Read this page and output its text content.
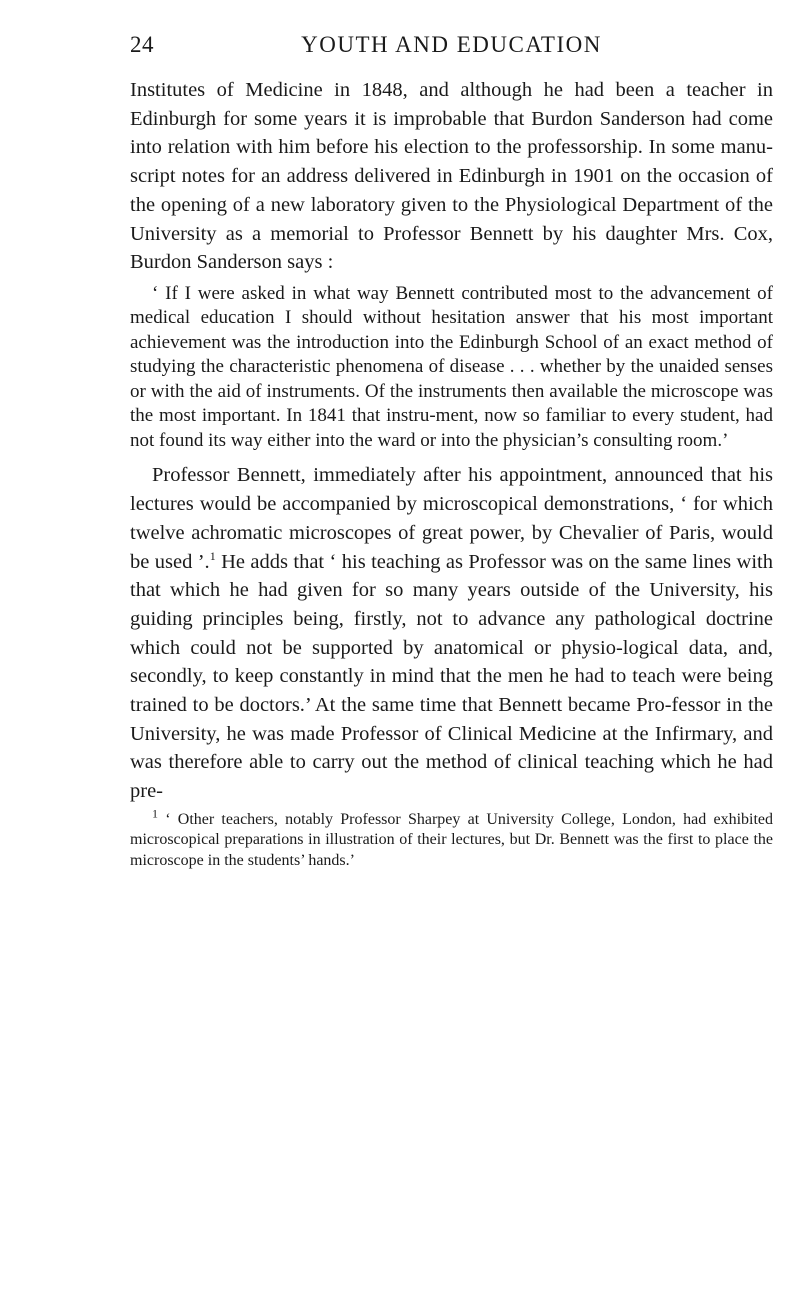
24	YOUTH AND EDUCATION

Institutes of Medicine in 1848, and although he had been a teacher in Edinburgh for some years it is improbable that Burdon Sanderson had come into relation with him before his election to the professorship. In some manu-script notes for an address delivered in Edinburgh in 1901 on the occasion of the opening of a new laboratory given to the Physiological Department of the University as a memorial to Professor Bennett by his daughter Mrs. Cox, Burdon Sanderson says :

‘ If I were asked in what way Bennett contributed most to the advancement of medical education I should without hesitation answer that his most important achievement was the introduction into the Edinburgh School of an exact method of studying the characteristic phenomena of disease . . . whether by the unaided senses or with the aid of instruments. Of the instruments then available the microscope was the most important. In 1841 that instru-ment, now so familiar to every student, had not found its way either into the ward or into the physician’s consulting room.’

Professor Bennett, immediately after his appointment, announced that his lectures would be accompanied by microscopical demonstrations, ‘ for which twelve achromatic microscopes of great power, by Chevalier of Paris, would be used ’.$^1$ He adds that ‘ his teaching as Professor was on the same lines with that which he had given for so many years outside of the University, his guiding principles being, firstly, not to advance any pathological doctrine which could not be supported by anatomical or physio-logical data, and, secondly, to keep constantly in mind that the men he had to teach were being trained to be doctors.’ At the same time that Bennett became Pro-fessor in the University, he was made Professor of Clinical Medicine at the Infirmary, and was therefore able to carry out the method of clinical teaching which he had pre-

$^1$ ‘ Other teachers, notably Professor Sharpey at University College, London, had exhibited microscopical preparations in illustration of their lectures, but Dr. Bennett was the first to place the microscope in the students’ hands.’
